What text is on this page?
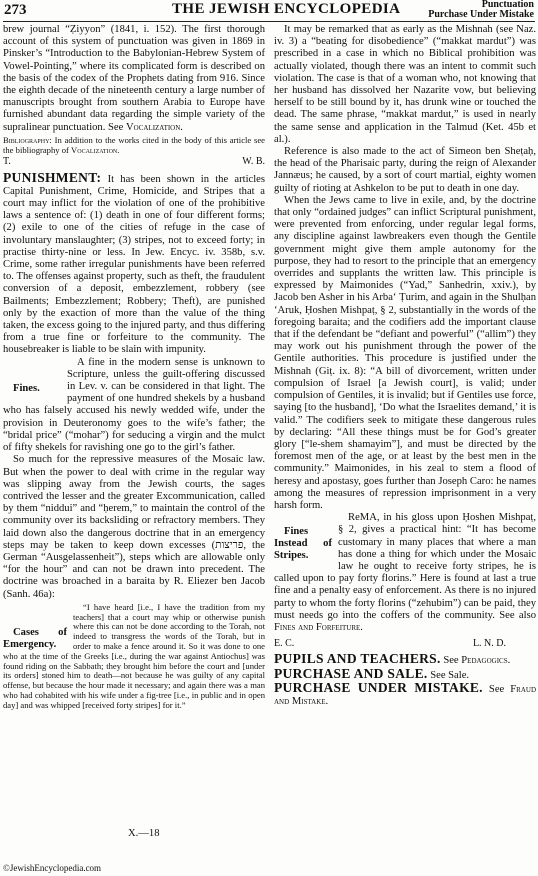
273	THE JEWISH ENCYCLOPEDIA	Punctuation
Purchase Under Mistake

brew journal “Ẓiyyon” (1841, i. 152). The first thorough account of this system of punctuation was given in 1869 in Pinsker’s “Introduction to the Babylonian-Hebrew System of Vowel-Pointing,” where its complicated form is described on the basis of the codex of the Prophets dating from 916. Since the eighth decade of the nineteenth century a large number of manuscripts brought from southern Arabia to Europe have furnished abundant data regarding the simple variety of the supralinear punctuation. See Vocalization.

Bibliography: In addition to the works cited in the body of this article see the bibliography of Vocalization.

T.	W. B.

PUNISHMENT: It has been shown in the articles Capital Punishment, Crime, Homicide, and Stripes that a court may inflict for the violation of one of the prohibitive laws a sentence of: (1) death in one of four different forms; (2) exile to one of the cities of refuge in the case of involuntary manslaughter; (3) stripes, not to exceed forty; in practise thirty-nine or less. In Jew. Encyc. iv. 358b, s.v. Crime, some rather irregular punishments have been referred to. The offenses against property, such as theft, the fraudulent conversion of a deposit, embezzlement, robbery (see Bailments; Embezzlement; Robbery; Theft), are punished only by the exaction of more than the value of the thing taken, the excess going to the injured party, and thus differing from a true fine or forfeiture to the community. The housebreaker is liable to be slain with impunity.

Fines.
A fine in the modern sense is unknown to Scripture, unless the guilt-offering discussed in Lev. v. can be considered in that light. The payment of one hundred shekels by a husband who has falsely accused his newly wedded wife, under the provision in Deuteronomy goes to the wife’s father; the “bridal price” (“mohar”) for seducing a virgin and the mulct of fifty shekels for ravishing one go to the girl’s father.

So much for the repressive measures of the Mosaic law. But when the power to deal with crime in the regular way was slipping away from the Jewish courts, the sages contrived the lesser and the greater Excommunication, called by them “niddui” and “ḥerem,” to maintain the control of the community over its backsliding or refractory members. They laid down also the dangerous doctrine that in an emergency steps may be taken to keep down excesses (פריצות, the German “Ausgelassenheit”), steps which are allowable only “for the hour” and can not be drawn into precedent. The doctrine was broached in a baraita by R. Eliezer ben Jacob (Sanh. 46a):

Cases of Emergency.
“I have heard [i.e., I have the tradition from my teachers] that a court may whip or otherwise punish where this can not be done according to the Torah, not indeed to transgress the words of the Torah, but in order to make a fence around it. So it was done to one who at the time of the Greeks [i.e., during the war against Antiochus] was found riding on the Sabbath; they brought him before the court and [under its orders] stoned him to death—not because he was guilty of any capital offense, but because the hour made it necessary; and again there was a man who had cohabited with his wife under a fig-tree [i.e., in public and in open day] and was whipped [received forty stripes] for it.”

X.—18

It may be remarked that as early as the Mishnah (see Naz. iv. 3) a “beating for disobedience” (“makkat mardut”) was prescribed in a case in which no Biblical prohibition was actually violated, though there was an intent to commit such violation. The case is that of a woman who, not knowing that her husband has dissolved her Nazarite vow, but believing herself to be still bound by it, has drunk wine or touched the dead. The same phrase, “makkat mardut,” is used in nearly the same sense and application in the Talmud (Ket. 45b et al.).

Reference is also made to the act of Simeon ben Sheṭaḥ, the head of the Pharisaic party, during the reign of Alexander Jannæus; he caused, by a sort of court martial, eighty women guilty of rioting at Ashkelon to be put to death in one day.

When the Jews came to live in exile, and, by the doctrine that only “ordained judges” can inflict Scriptural punishment, were prevented from enforcing, under regular legal forms, any discipline against lawbreakers even though the Gentile government might give them ample autonomy for the purpose, they had to resort to the principle that an emergency overrides and supplants the written law. This principle is expressed by Maimonides (“Yad,” Sanhedrin, xxiv.), by Jacob ben Asher in his Arba‘ Ṭurim, and again in the Shulḥan ‘Aruk, Ḥoshen Mishpaṭ, § 2, substantially in the words of the foregoing baraita; and the codifiers add the important clause that if the defendant be “defiant and powerful” (“allim”) they may work out his punishment through the power of the Gentile authorities. This procedure is justified under the Mishnah (Giṭ. ix. 8): “A bill of divorcement, written under compulsion of Israel [a Jewish court], is valid; under compulsion of Gentiles, it is invalid; but if Gentiles use force, saying [to the husband], ‘Do what the Israelites demand,’ it is valid.” The codifiers seek to mitigate these dangerous rules by declaring: “All these things must be for God’s greater glory [“le-shem shamayim”], and must be directed by the foremost men of the age, or at least by the best men in the community.” Maimonides, in his zeal to stem a flood of heresy and apostasy, goes further than Joseph Caro: he names among the measures of repression imprisonment in a very harsh form.

Fines Instead of Stripes.
ReMA, in his gloss upon Ḥoshen Mishpaṭ, § 2, gives a practical hint: “It has become customary in many places that where a man has done a thing for which under the Mosaic law he ought to receive forty stripes, he is called upon to pay forty florins.” Here is found at last a true fine and a penalty easy of enforcement. As there is no injured party to whom the forty florins (“zehubim”) can be paid, they must needs go into the coffers of the community. See also Fines and Forfeiture.

E. C.	L. N. D.

PUPILS AND TEACHERS. See Pedagogics.

PURCHASE AND SALE. See Sale.

PURCHASE UNDER MISTAKE. See Fraud and Mistake.

©JewishEncyclopedia.com
